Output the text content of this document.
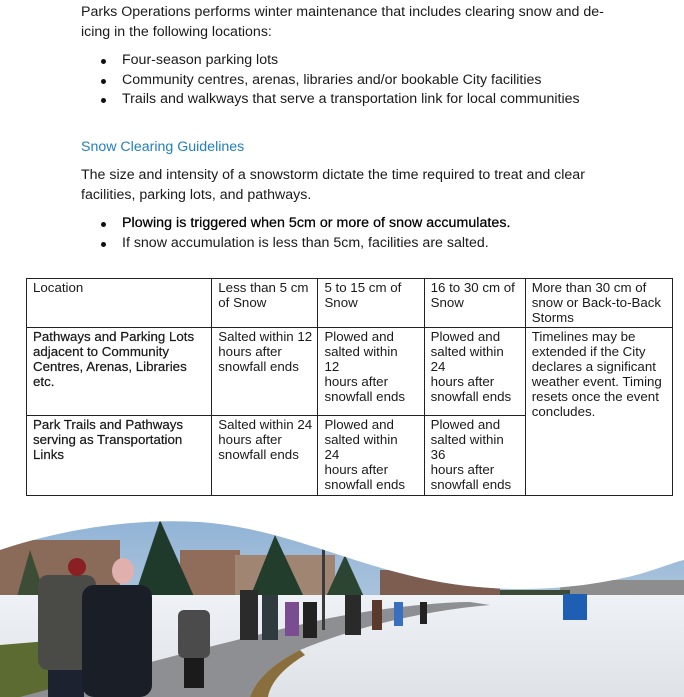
Parks Operations performs winter maintenance that includes clearing snow and de-icing in the following locations:

Four-season parking lots
Community centres, arenas, libraries and/or bookable City facilities
Trails and walkways that serve a transportation link for local communities
Snow Clearing Guidelines

The size and intensity of a snowstorm dictate the time required to treat and clear facilities, parking lots, and pathways.

Plowing is triggered when 5cm or more of snow accumulates.
If snow accumulation is less than 5cm, facilities are salted.
Location	Less than 5 cm of Snow	5 to 15 cm of Snow	16 to 30 cm of Snow	More than 30 cm of snow or Back-to-Back Storms
Pathways and Parking Lots adjacent to Community Centres, Arenas, Libraries etc.	Salted within 12 hours after snowfall ends	Plowed and salted within
12
hours after snowfall ends	Plowed and salted within
24
hours after snowfall ends	Timelines may be extended if the City declares a significant weather event. Timing resets once the event concludes.
Park Trails and Pathways serving as Transportation Links	Salted within 24 hours after snowfall ends	Plowed and salted within
24
hours after snowfall ends	Plowed and salted within
36
hours after snowfall ends	
